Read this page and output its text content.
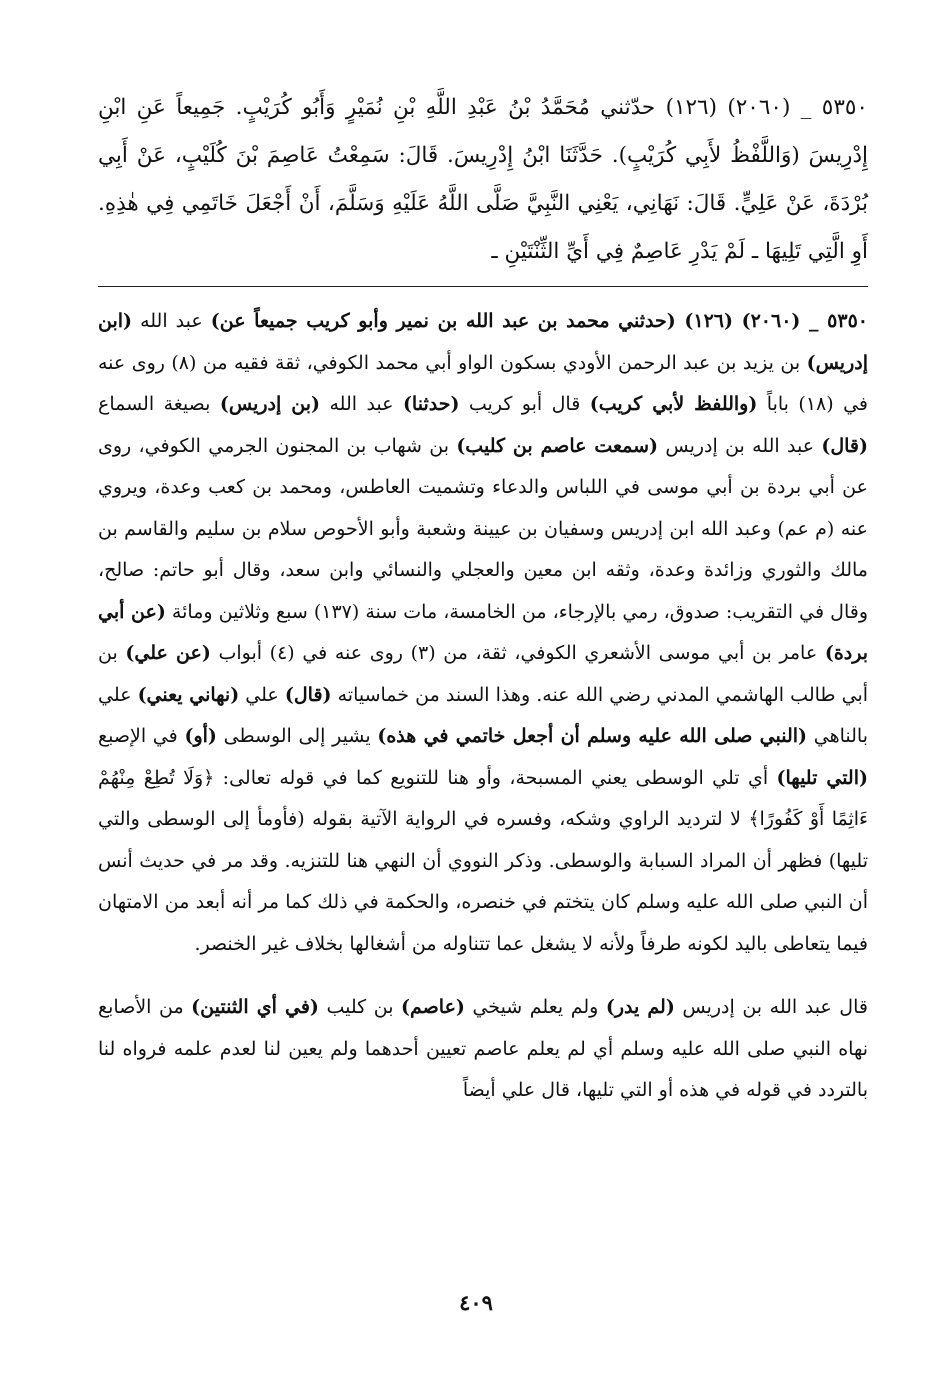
٥٣٥٠ _ (٢٠٦٠) (١٢٦) حدّثني مُحَمَّدُ بْنُ عَبْدِ اللَّهِ بْنِ نُمَيْرٍ وَأَبُو كُرَيْبٍ. جَمِيعاً عَنِ ابْنِ إِدْرِيسَ (وَاللَّفْظُ لأَبِي كُرَيْبٍ). حَدَّثَنَا ابْنُ إِدْرِيسَ. قَالَ: سَمِعْتُ عَاصِمَ بْنَ كُلَيْبٍ، عَنْ أَبِي بُرْدَةَ، عَنْ عَلِيٍّ. قَالَ: نَهَانِي، يَعْنِي النَّبِيَّ صَلَّى اللَّهُ عَلَيْهِ وَسَلَّمَ، أَنْ أَجْعَلَ خَاتَمِي فِي هٰذِهِ. أَوِ الَّتِي تَلِيهَا ـ لَمْ يَدْرِ عَاصِمٌ فِي أَيِّ الثِّنْتَيْنِ ـ

٥٣٥٠ _ (٢٠٦٠) (١٢٦) (حدثني محمد بن عبد الله بن نمير وأبو كريب جميعاً عن) عبد الله (ابن إدريس) بن يزيد بن عبد الرحمن الأودي بسكون الواو أبي محمد الكوفي، ثقة فقيه من (٨) روى عنه في (١٨) باباً (واللفظ لأبي كريب) قال أبو كريب (حدثنا) عبد الله (بن إدريس) بصيغة السماع (قال) عبد الله بن إدريس (سمعت عاصم بن كليب) بن شهاب بن المجنون الجرمي الكوفي، روى عن أبي بردة بن أبي موسى في اللباس والدعاء وتشميت العاطس، ومحمد بن كعب وعدة، ويروي عنه (م عم) وعبد الله ابن إدريس وسفيان بن عيينة وشعبة وأبو الأحوص سلام بن سليم والقاسم بن مالك والثوري وزائدة وعدة، وثقه ابن معين والعجلي والنسائي وابن سعد، وقال أبو حاتم: صالح، وقال في التقريب: صدوق، رمي بالإرجاء، من الخامسة، مات سنة (١٣٧) سبع وثلاثين ومائة (عن أبي بردة) عامر بن أبي موسى الأشعري الكوفي، ثقة، من (٣) روى عنه في (٤) أبواب (عن علي) بن أبي طالب الهاشمي المدني رضي الله عنه. وهذا السند من خماسياته (قال) علي (نهاني يعني) علي بالناهي (النبي صلى الله عليه وسلم أن أجعل خاتمي في هذه) يشير إلى الوسطى (أو) في الإصبع (التي تليها) أي تلي الوسطى يعني المسبحة، وأو هنا للتنويع كما في قوله تعالى: ﴿وَلَا تُطِعْ مِنْهُمْ ءَاثِمًا أَوْ كَفُورًا﴾ لا لترديد الراوي وشكه، وفسره في الرواية الآتية بقوله (فأومأ إلى الوسطى والتي تليها) فظهر أن المراد السبابة والوسطى. وذكر النووي أن النهي هنا للتنزيه. وقد مر في حديث أنس أن النبي صلى الله عليه وسلم كان يتختم في خنصره، والحكمة في ذلك كما مر أنه أبعد من الامتهان فيما يتعاطى باليد لكونه طرفاً ولأنه لا يشغل عما تتناوله من أشغالها بخلاف غير الخنصر.

قال عبد الله بن إدريس (لم يدر) ولم يعلم شيخي (عاصم) بن كليب (في أي الثنتين) من الأصابع نهاه النبي صلى الله عليه وسلم أي لم يعلم عاصم تعيين أحدهما ولم يعين لنا لعدم علمه فرواه لنا بالتردد في قوله في هذه أو التي تليها، قال علي أيضاً

٤٠٩
